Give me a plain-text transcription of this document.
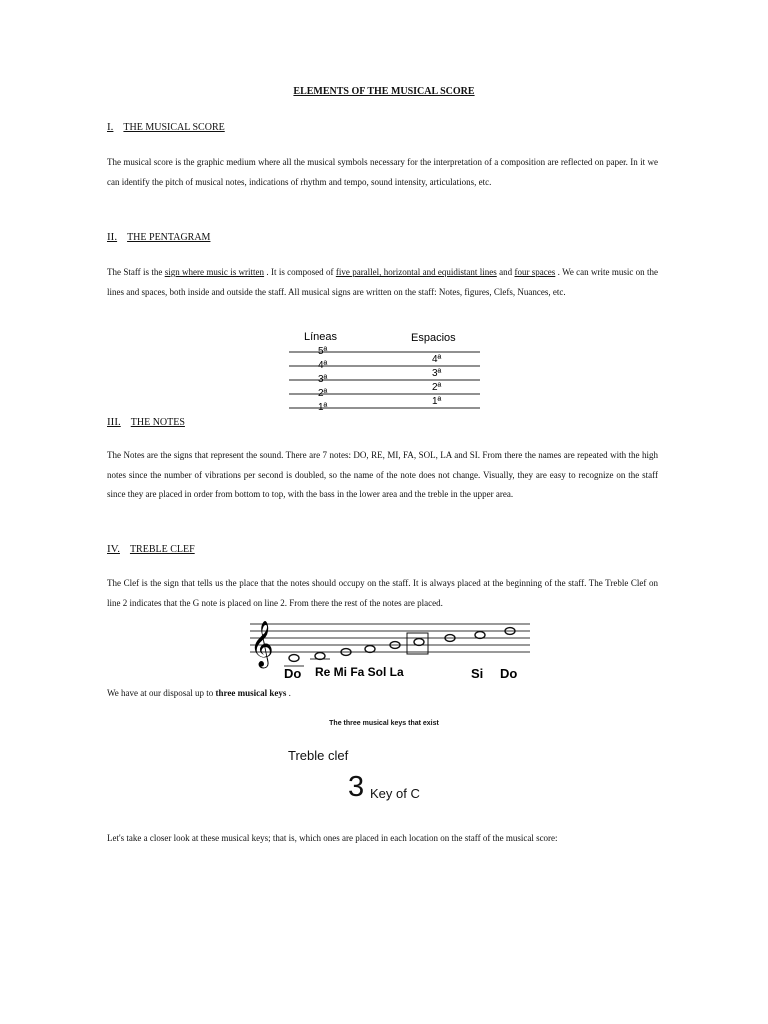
ELEMENTS OF THE MUSICAL SCORE
I. THE MUSICAL SCORE
The musical score is the graphic medium where all the musical symbols necessary for the interpretation of a composition are reflected on paper. In it we can identify the pitch of musical notes, indications of rhythm and tempo, sound intensity, articulations, etc.
II. THE PENTAGRAM
The Staff is the sign where music is written . It is composed of five parallel, horizontal and equidistant lines and four spaces . We can write music on the lines and spaces, both inside and outside the staff. All musical signs are written on the staff: Notes, figures, Clefs, Nuances, etc.
Líneas	Espacios
5ª
4ª
3ª
2ª
1ª
4ª
3ª
2ª
1ª
III. THE NOTES
The Notes are the signs that represent the sound. There are 7 notes: DO, RE, MI, FA, SOL, LA and SI. From there the names are repeated with the high notes since the number of vibrations per second is doubled, so the name of the note does not change. Visually, they are easy to recognize on the staff since they are placed in order from bottom to top, with the bass in the lower area and the treble in the upper area.
IV. TREBLE CLEF
The Clef is the sign that tells us the place that the notes should occupy on the staff. It is always placed at the beginning of the staff. The Treble Clef on line 2 indicates that the G note is placed on line 2. From there the rest of the notes are placed.
𝄞
Do Re Mi Fa Sol La	Si Do
We have at our disposal up to three musical keys .
The three musical keys that exist
Treble clef
3 Key of C
Let's take a closer look at these musical keys; that is, which ones are placed in each location on the staff of the musical score:
